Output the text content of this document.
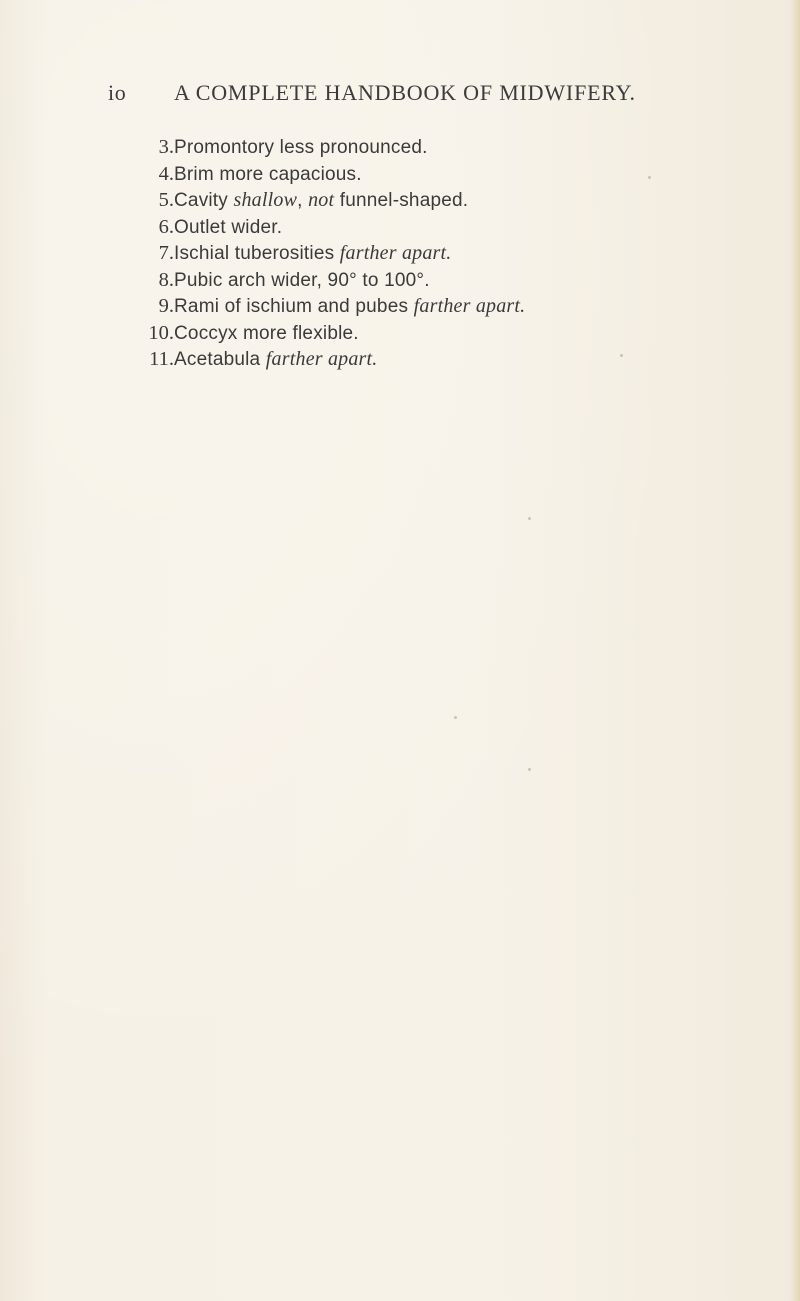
io A COMPLETE HANDBOOK OF MIDWIFERY.
3. Promontory less pronounced.
4. Brim more capacious.
5. Cavity shallow, not funnel-shaped.
6. Outlet wider.
7. Ischial tuberosities farther apart.
8. Pubic arch wider, 90° to 100°.
9. Rami of ischium and pubes farther apart.
10. Coccyx more flexible.
11. Acetabula farther apart.
